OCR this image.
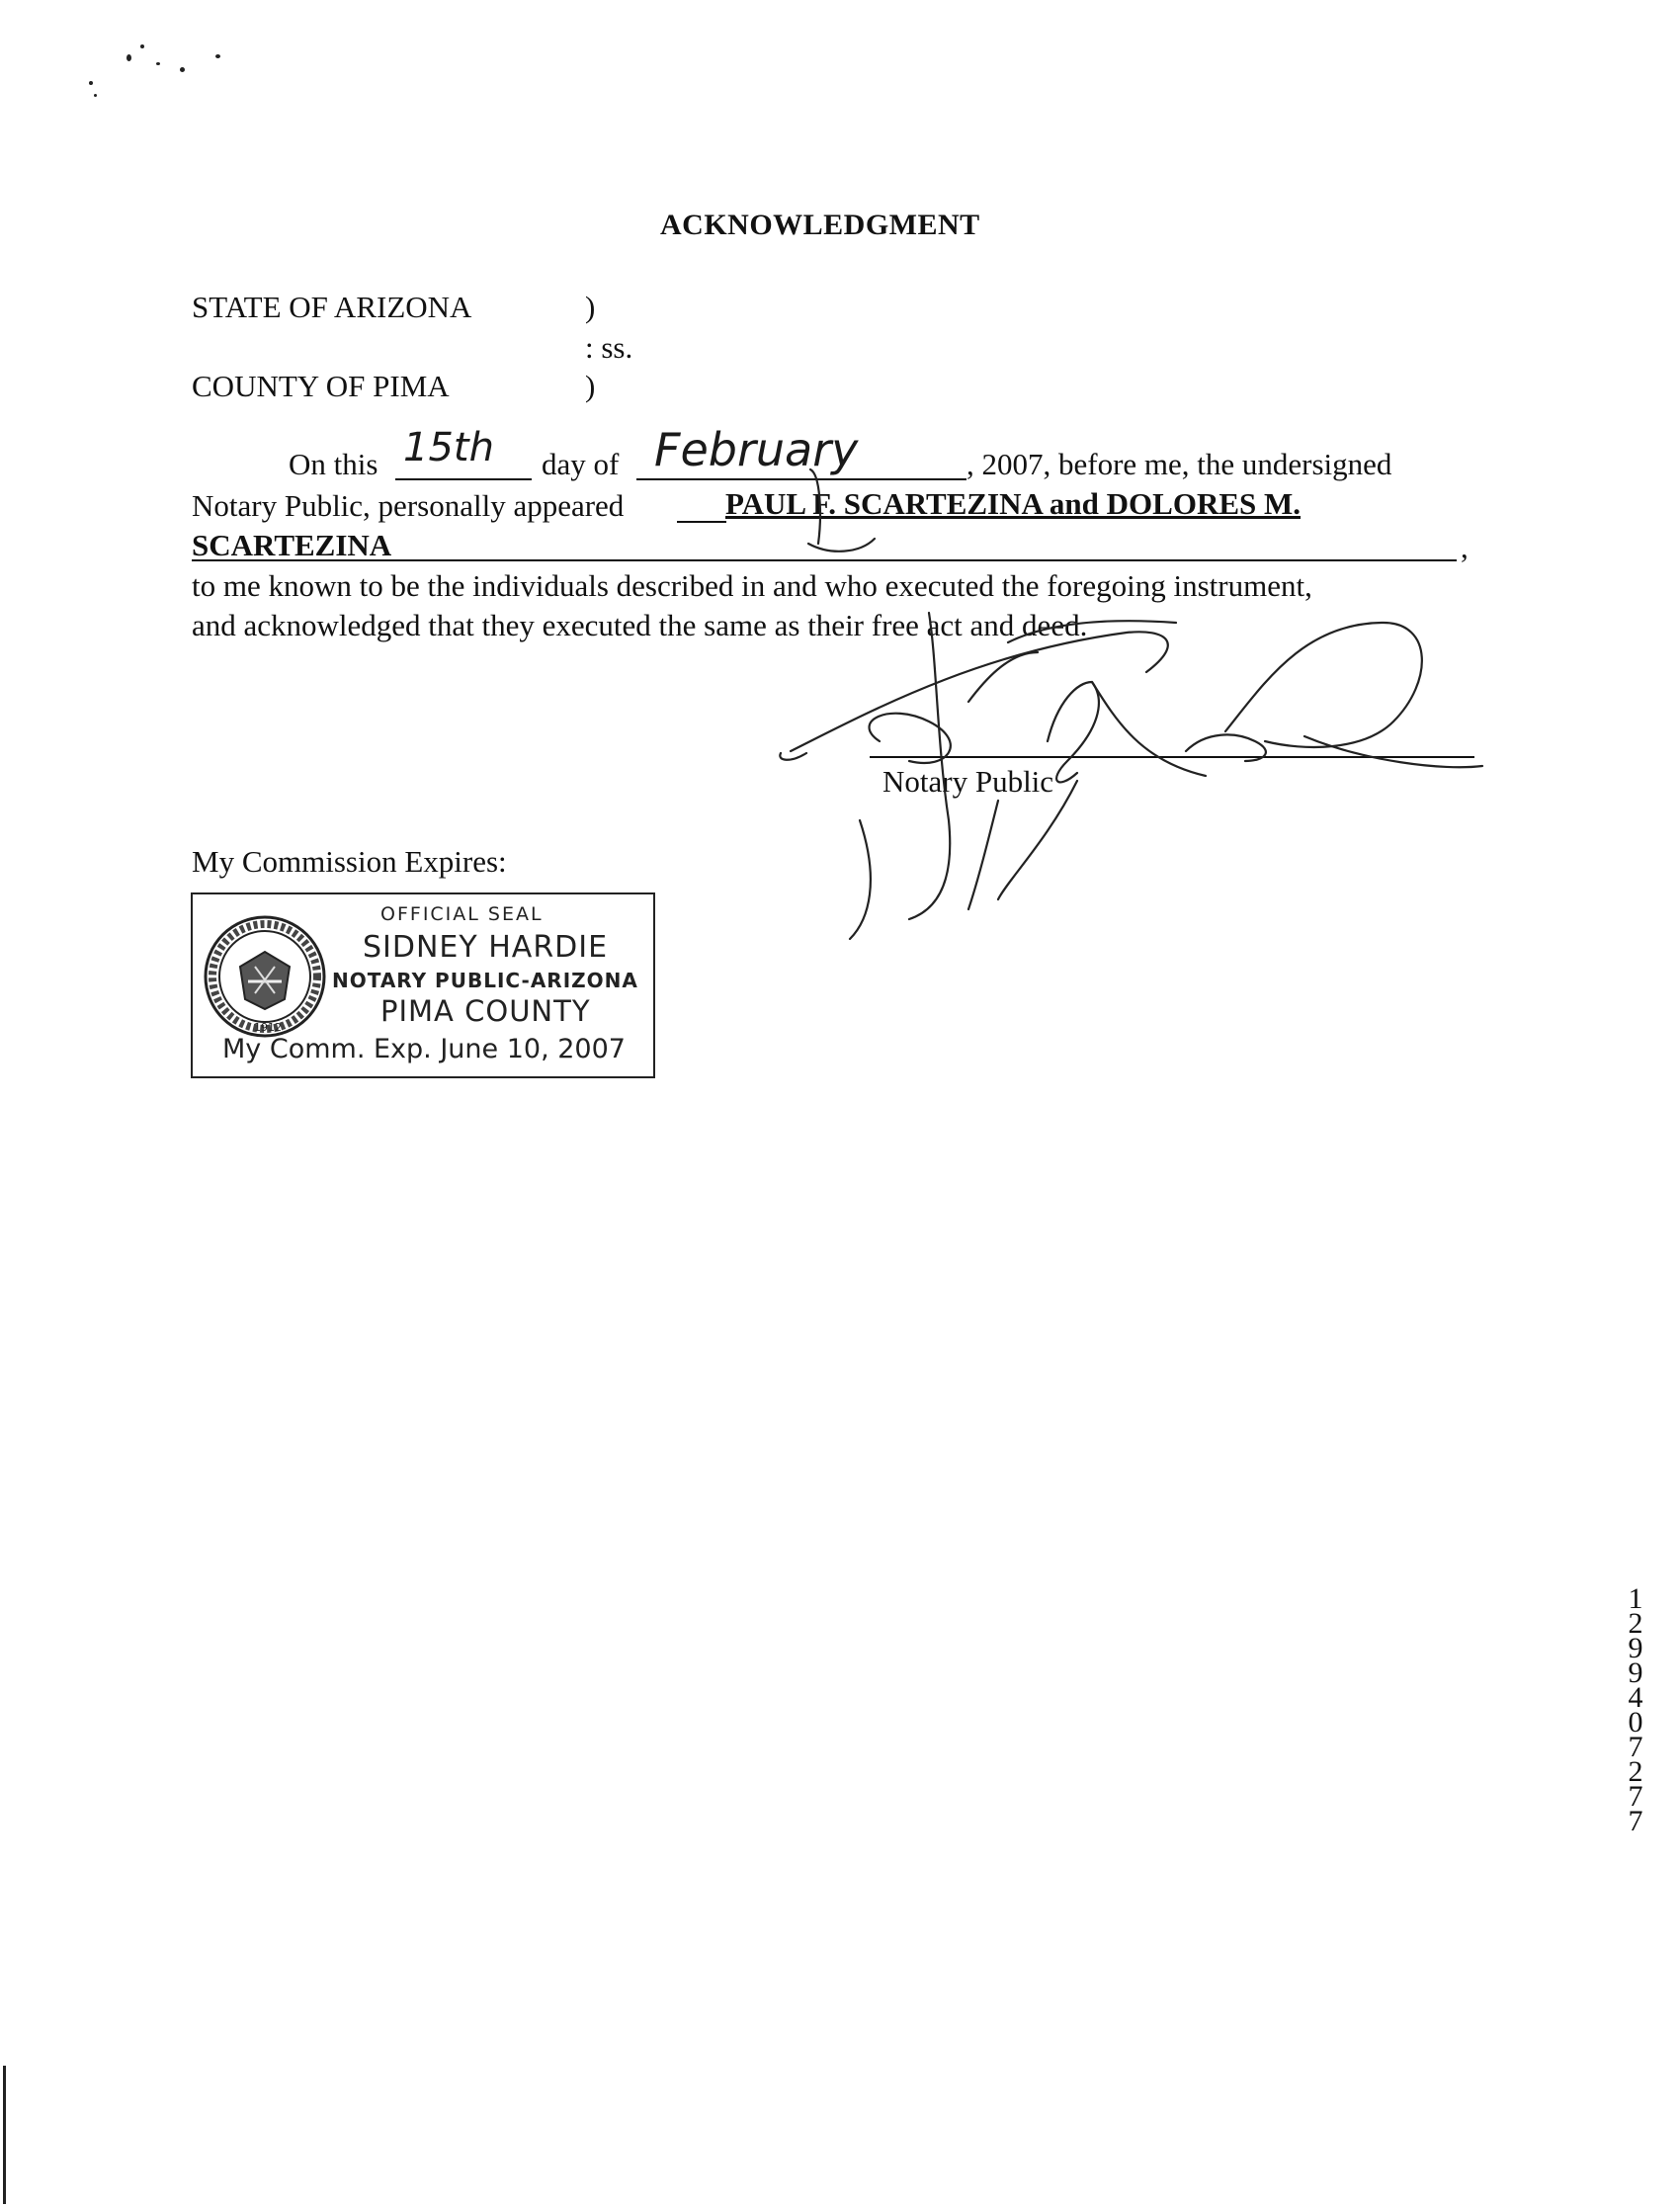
ACKNOWLEDGMENT
STATE OF ARIZONA	)
: ss.
COUNTY OF PIMA	)
On this 15th day of February	, 2007, before me, the undersigned
Notary Public, personally appeared	PAUL F. SCARTEZINA and DOLORES M.
SCARTEZINA	,
to me known to be the individuals described in and who executed the foregoing instrument,
and acknowledged that they executed the same as their free act and deed.
Notary Public
My Commission Expires:
1912
OFFICIAL SEAL
SIDNEY HARDIE
NOTARY PUBLIC-ARIZONA
PIMA COUNTY
My Comm. Exp. June 10, 2007
12994 07277
